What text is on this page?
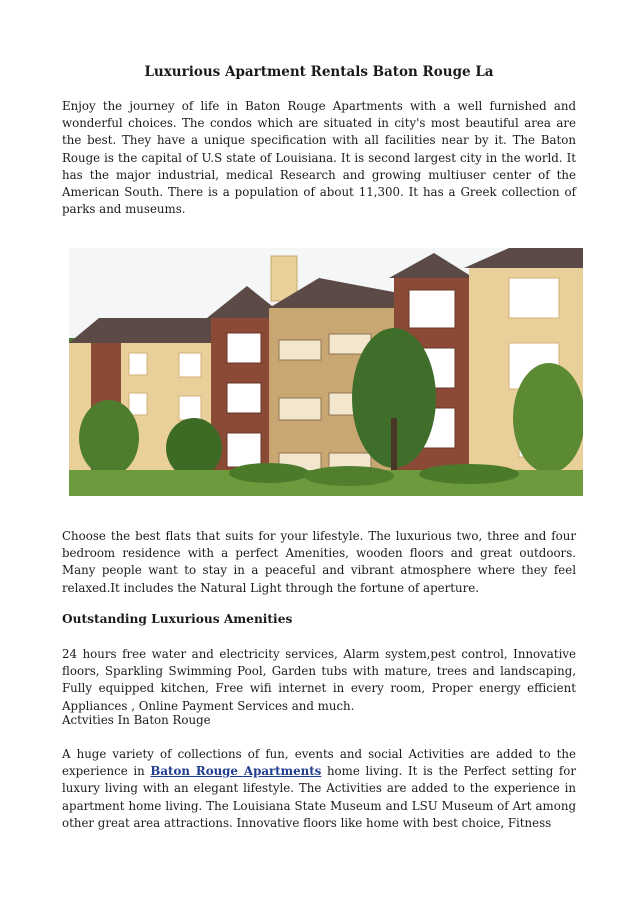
Luxurious Apartment Rentals Baton Rouge La

Enjoy the journey of life in Baton Rouge Apartments with a well furnished and wonderful choices. The condos which are situated in city's most beautiful area are the best. They have a unique specification with all facilities near by it. The Baton Rouge is the capital of U.S state of Louisiana. It is second largest city in the world. It has the major industrial, medical Research and growing multiuser center of the American South. There is a population of about 11,300. It has a Greek collection of parks and museums.

Choose the best flats that suits for your lifestyle. The luxurious two, three and four bedroom residence with a perfect Amenities, wooden floors and great outdoors. Many people want to stay in a peaceful and vibrant atmosphere where they feel relaxed.It includes the Natural Light through the fortune of aperture.

Outstanding Luxurious Amenities

24 hours free water and electricity services, Alarm system,pest control, Innovative floors, Sparkling Swimming Pool, Garden tubs with mature, trees and landscaping, Fully equipped kitchen, Free wifi internet in every room, Proper energy efficient Appliances , Online Payment Services and much.

Actvities In Baton Rouge

A huge variety of collections of fun, events and social Activities are added to the experience in Baton Rouge Apartments home living. It is the Perfect setting for luxury living with an elegant lifestyle. The Activities are added to the experience in apartment home living. The Louisiana State Museum and LSU Museum of Art among other great area attractions. Innovative floors like home with best choice, Fitness
